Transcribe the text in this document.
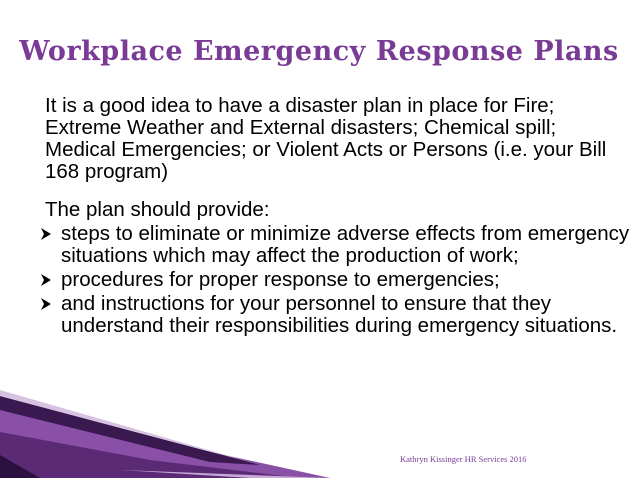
Workplace Emergency Response Plans

It is a good idea to have a disaster plan in place for Fire; Extreme Weather and External disasters; Chemical spill; Medical Emergencies; or Violent Acts or Persons (i.e. your Bill 168 program)

The plan should provide:

steps to eliminate or minimize adverse effects from emergency situations which may affect the production of work;
procedures for proper response to emergencies;
and instructions for your personnel to ensure that they understand their responsibilities during emergency situations.
Kathryn Kissinger HR Services 2016
